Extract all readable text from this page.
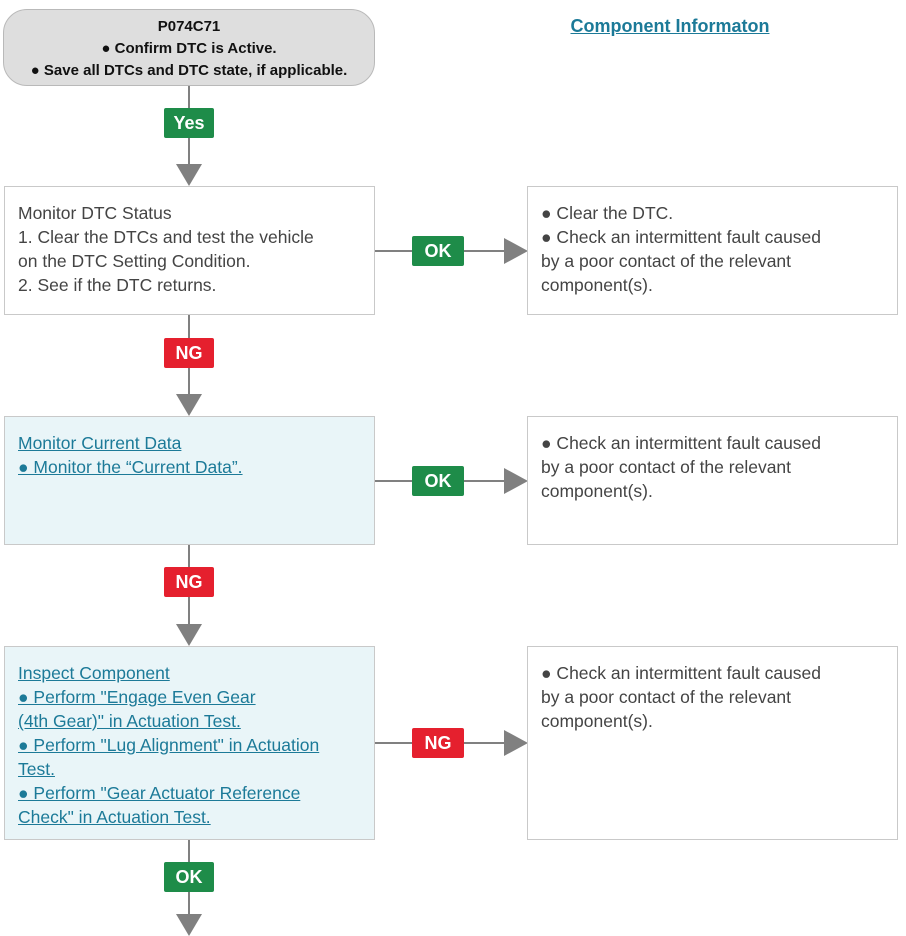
P074C71
● Confirm DTC is Active.
● Save all DTCs and DTC state, if applicable.
Component Informaton
Yes
Monitor DTC Status
1. Clear the DTCs and test the vehicle
on the DTC Setting Condition.
2. See if the DTC returns.
OK
● Clear the DTC.
● Check an intermittent fault caused
by a poor contact of the relevant
component(s).
NG
Monitor Current Data
● Monitor the “Current Data”.
OK
● Check an intermittent fault caused
by a poor contact of the relevant
component(s).
NG
Inspect Component
● Perform "Engage Even Gear
(4th Gear)" in Actuation Test.
● Perform "Lug Alignment" in Actuation
Test.
● Perform "Gear Actuator Reference
Check" in Actuation Test.
NG
● Check an intermittent fault caused
by a poor contact of the relevant
component(s).
OK
